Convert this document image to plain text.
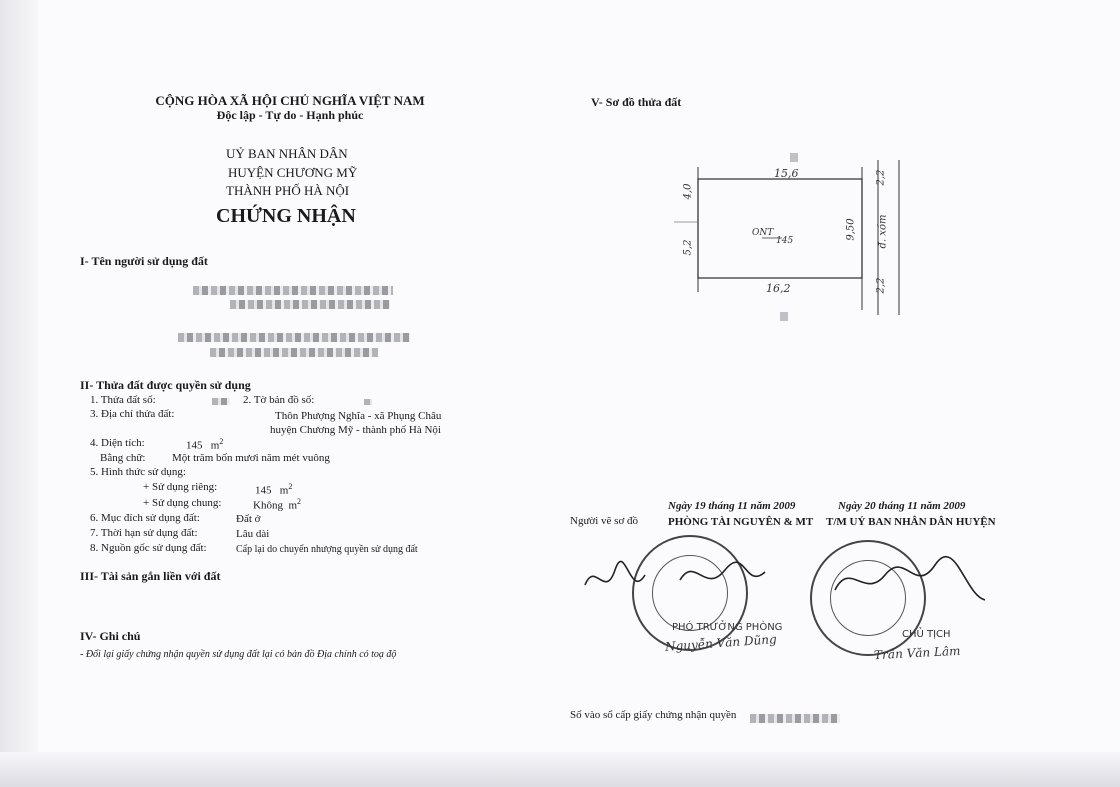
CỘNG HÒA XÃ HỘI CHỦ NGHĨA VIỆT NAM
Độc lập - Tự do - Hạnh phúc
UỶ BAN NHÂN DÂN
HUYỆN CHƯƠNG MỸ
THÀNH PHỐ HÀ NỘI
CHỨNG NHẬN
I- Tên người sử dụng đất
II- Thửa đất được quyền sử dụng
1. Thửa đất số:	2. Tờ bản đồ số:
3. Địa chỉ thửa đất:	Thôn Phượng Nghĩa - xã Phụng Châu
huyện Chương Mỹ - thành phố Hà Nội
4. Diện tích:	145 $m^2$
Bằng chữ: Một trăm bốn mươi năm mét vuông
5. Hình thức sử dụng:
+ Sử dụng riêng:	145 $m^2$
+ Sử dụng chung:	Không $m^2$
6. Mục đích sử dụng đất:	Đất ở
7. Thời hạn sử dụng đất:	Lâu dài
8. Nguồn gốc sử dụng đất:	Cấp lại do chuyển nhượng quyền sử dụng đất
III- Tài sản gắn liền với đất
IV- Ghi chú
- Đổi lại giấy chứng nhận quyền sử dụng đất lại có bản đồ Địa chính có toạ độ
V- Sơ đồ thửa đất
15,6
16,2
4,0
5,2
9,50
2,2
2,2
đ. xóm
ONT
145
Ngày 19 tháng 11 năm 2009	Ngày 20 tháng 11 năm 2009
Người vẽ sơ đồ	PHÒNG TÀI NGUYÊN & MT T/M UỶ BAN NHÂN DÂN HUYỆN
PHÓ TRƯỞNG PHÒNG
Nguyễn Văn Dũng	CHỦ TỊCH
Trần Văn Lâm
Số vào sổ cấp giấy chứng nhận quyền
